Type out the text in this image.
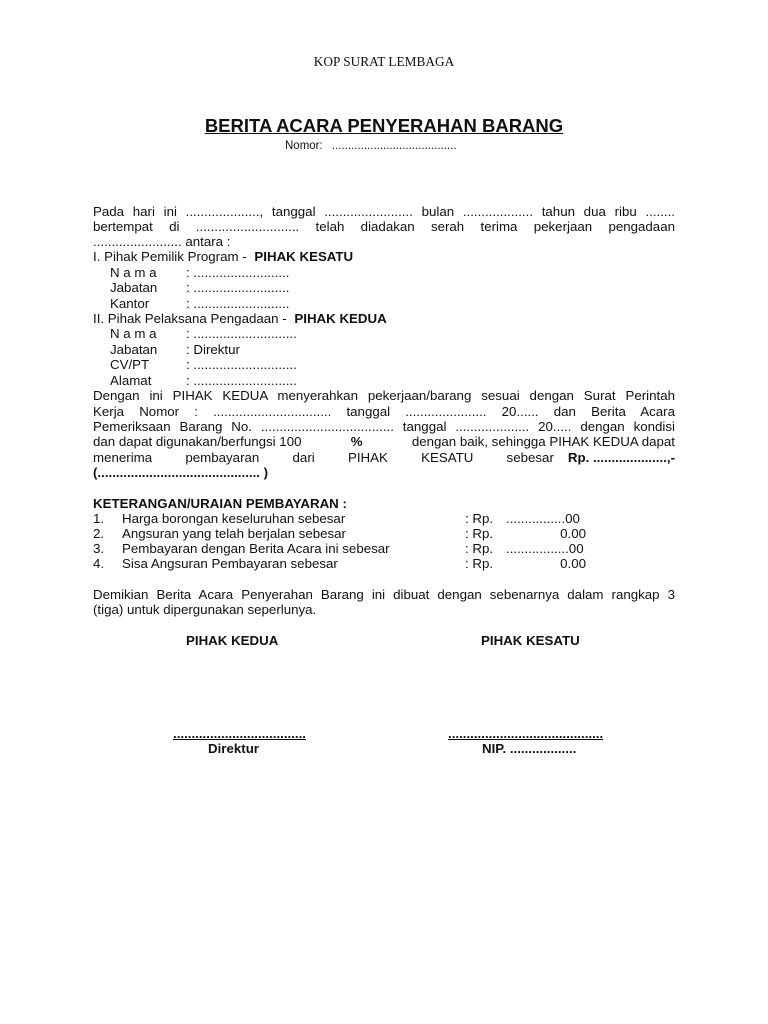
KOP SURAT LEMBAGA
BERITA ACARA PENYERAHAN BARANG
Nomor: .......................................
Pada hari ini ...................., tanggal ........................ bulan ................... tahun dua ribu ........
bertempat di ............................ telah diadakan serah terima pekerjaan pengadaan
........................ antara :
I. Pihak Pemilik Program - PIHAK KESATU
N a m a : ..........................
Jabatan : ..........................
Kantor	: ..........................
II. Pihak Pelaksana Pengadaan - PIHAK KEDUA
N a m a : ............................
Jabatan : Direktur
CV/PT	: ............................
Alamat	: ............................
Dengan ini PIHAK KEDUA menyerahkan pekerjaan/barang sesuai dengan Surat Perintah
Kerja Nomor : ................................ tanggal ...................... 20...... dan Berita Acara
Pemeriksaan Barang No. .................................... tanggal .................... 20..... dengan kondisi
dan dapat digunakan/berfungsi 100	%	dengan baik, sehingga PIHAK KEDUA dapat
menerima pembayaran dari PIHAK KESATU sebesar Rp. ....................,-
(............................................ )
KETERANGAN/URAIAN PEMBAYARAN :
1. Harga borongan keseluruhan sebesar	: Rp. ................00
2. Angsuran yang telah berjalan sebesar	: Rp.	0.00
3. Pembayaran dengan Berita Acara ini sebesar	: Rp. .................00
4. Sisa Angsuran Pembayaran sebesar	: Rp.	0.00
Demikian Berita Acara Penyerahan Barang ini dibuat dengan sebenarnya dalam rangkap 3
(tiga) untuk dipergunakan seperlunya.
PIHAK KEDUA	PIHAK KESATU
....................................	..........................................
Direktur	NIP. ..................
